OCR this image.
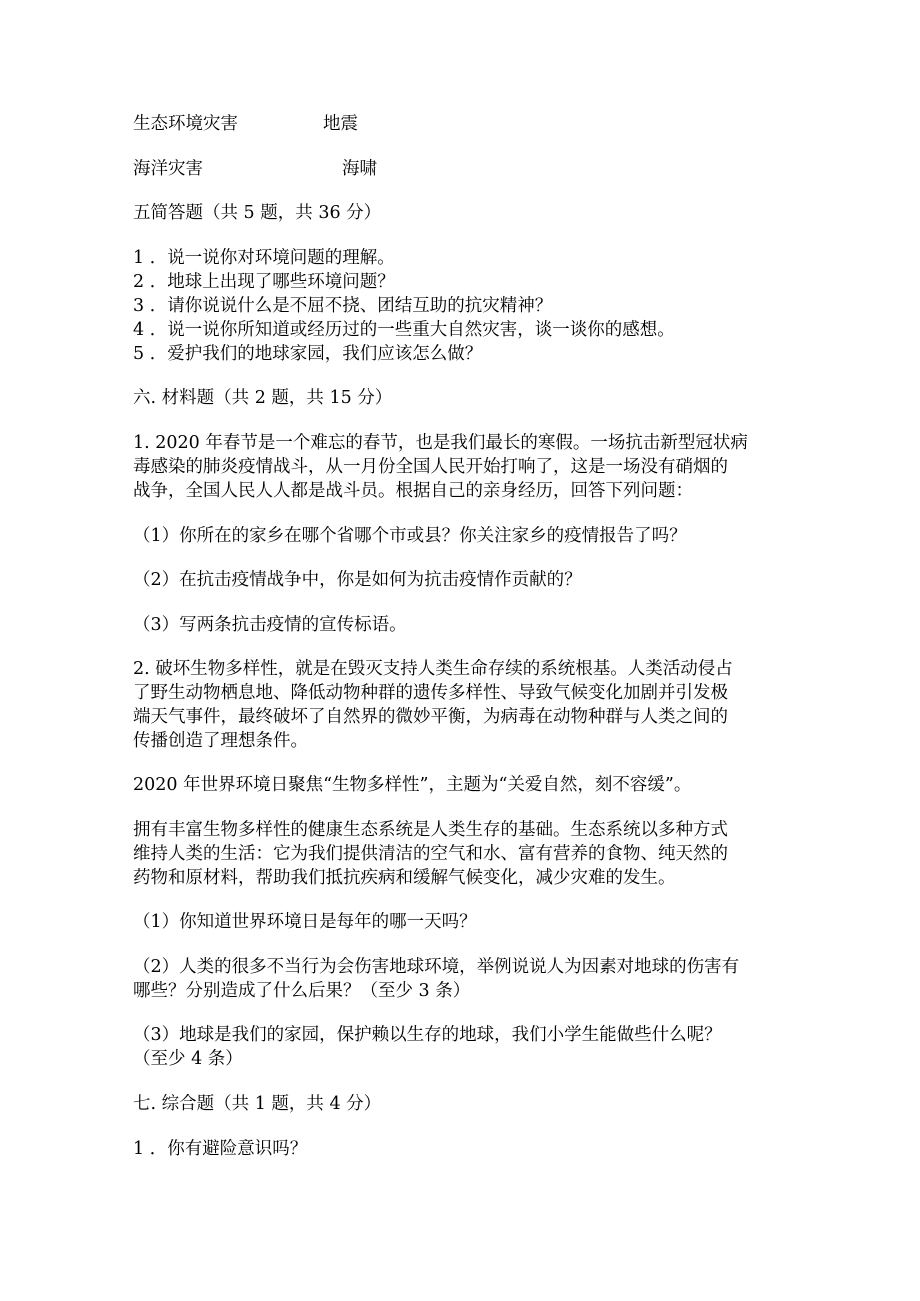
生态环境灾害	地震
海洋灾害	海啸
五简答题（共 5 题，共 36 分）
1 ．说一说你对环境问题的理解。
2 ．地球上出现了哪些环境问题？
3 ．请你说说什么是不屈不挠、团结互助的抗灾精神？
4 ．说一说你所知道或经历过的一些重大自然灾害，谈一谈你的感想。
5 ．爱护我们的地球家园，我们应该怎么做？
六. 材料题（共 2 题，共 15 分）
1. 2020 年春节是一个难忘的春节，也是我们最长的寒假。一场抗击新型冠状病
毒感染的肺炎疫情战斗，从一月份全国人民开始打响了，这是一场没有硝烟的
战争，全国人民人人都是战斗员。根据自己的亲身经历，回答下列问题：
（1）你所在的家乡在哪个省哪个市或县？你关注家乡的疫情报告了吗？
（2）在抗击疫情战争中，你是如何为抗击疫情作贡献的？
（3）写两条抗击疫情的宣传标语。
2. 破坏生物多样性，就是在毁灭支持人类生命存续的系统根基。人类活动侵占
了野生动物栖息地、降低动物种群的遗传多样性、导致气候变化加剧并引发极
端天气事件，最终破坏了自然界的微妙平衡，为病毒在动物种群与人类之间的
传播创造了理想条件。
2020 年世界环境日聚焦“生物多样性”，主题为“关爱自然，刻不容缓”。
拥有丰富生物多样性的健康生态系统是人类生存的基础。生态系统以多种方式
维持人类的生活：它为我们提供清洁的空气和水、富有营养的食物、纯天然的
药物和原材料，帮助我们抵抗疾病和缓解气候变化，减少灾难的发生。
（1）你知道世界环境日是每年的哪一天吗？
（2）人类的很多不当行为会伤害地球环境，举例说说人为因素对地球的伤害有
哪些？分别造成了什么后果？（至少 3 条）
（3）地球是我们的家园，保护赖以生存的地球，我们小学生能做些什么呢？
（至少 4 条）
七. 综合题（共 1 题，共 4 分）
1 ．你有避险意识吗？
